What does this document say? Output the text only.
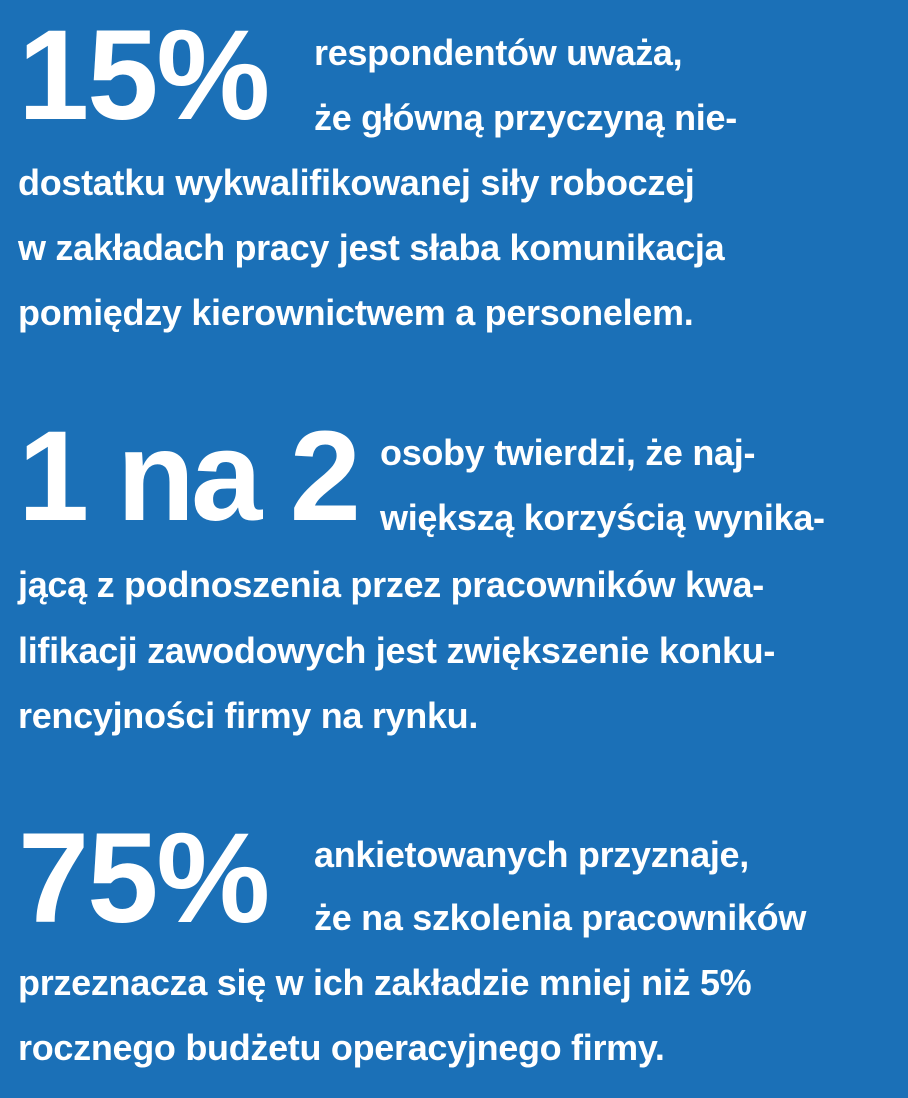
15% respondentów uważa,
że główną przyczyną nie-
dostatku wykwalifikowanej siły roboczej
w zakładach pracy jest słaba komunikacja
pomiędzy kierownictwem a personelem.
1 na 2 osoby twierdzi, że naj-
większą korzyścią wynika-
jącą z podnoszenia przez pracowników kwa-
lifikacji zawodowych jest zwiększenie konku-
rencyjności firmy na rynku.
75% ankietowanych przyznaje,
że na szkolenia pracowników
przeznacza się w ich zakładzie mniej niż 5%
rocznego budżetu operacyjnego firmy.
